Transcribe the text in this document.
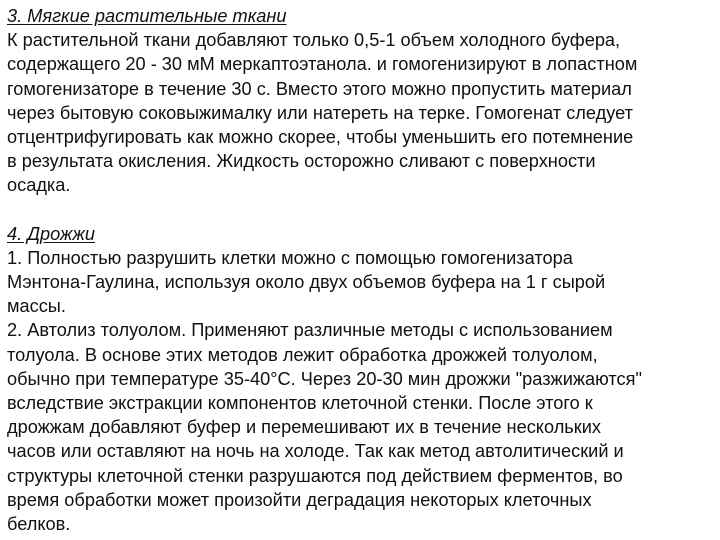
3. Мягкие растительные ткани
К растительной ткани добавляют только 0,5-1 объем холодного буфера,
содержащего 20 - 30 мМ меркаптоэтанола. и гомогенизируют в лопастном
гомогенизаторе в течение 30 с. Вместо этого можно пропустить материал
через бытовую соковыжималку или натереть на терке. Гомогенат следует
отцентрифугировать как можно скорее, чтобы уменьшить его потемнение
в результата окисления. Жидкость осторожно сливают с поверхности
осадка.
4. Дрожжи
1. Полностью разрушить клетки можно с помощью гомогенизатора
Мэнтона-Гаулина, используя около двух объемов буфера на 1 г сырой
массы.
2. Автолиз толуолом. Применяют различные методы с использованием
толуола. В основе этих методов лежит обработка дрожжей толуолом,
обычно при температуре 35-40°С. Через 20-30 мин дрожжи "разжижаются"
вследствие экстракции компонентов клеточной стенки. После этого к
дрожжам добавляют буфер и перемешивают их в течение нескольких
часов или оставляют на ночь на холоде. Так как метод автолитический и
структуры клеточной стенки разрушаются под действием ферментов, во
время обработки может произойти деградация некоторых клеточных
белков.
